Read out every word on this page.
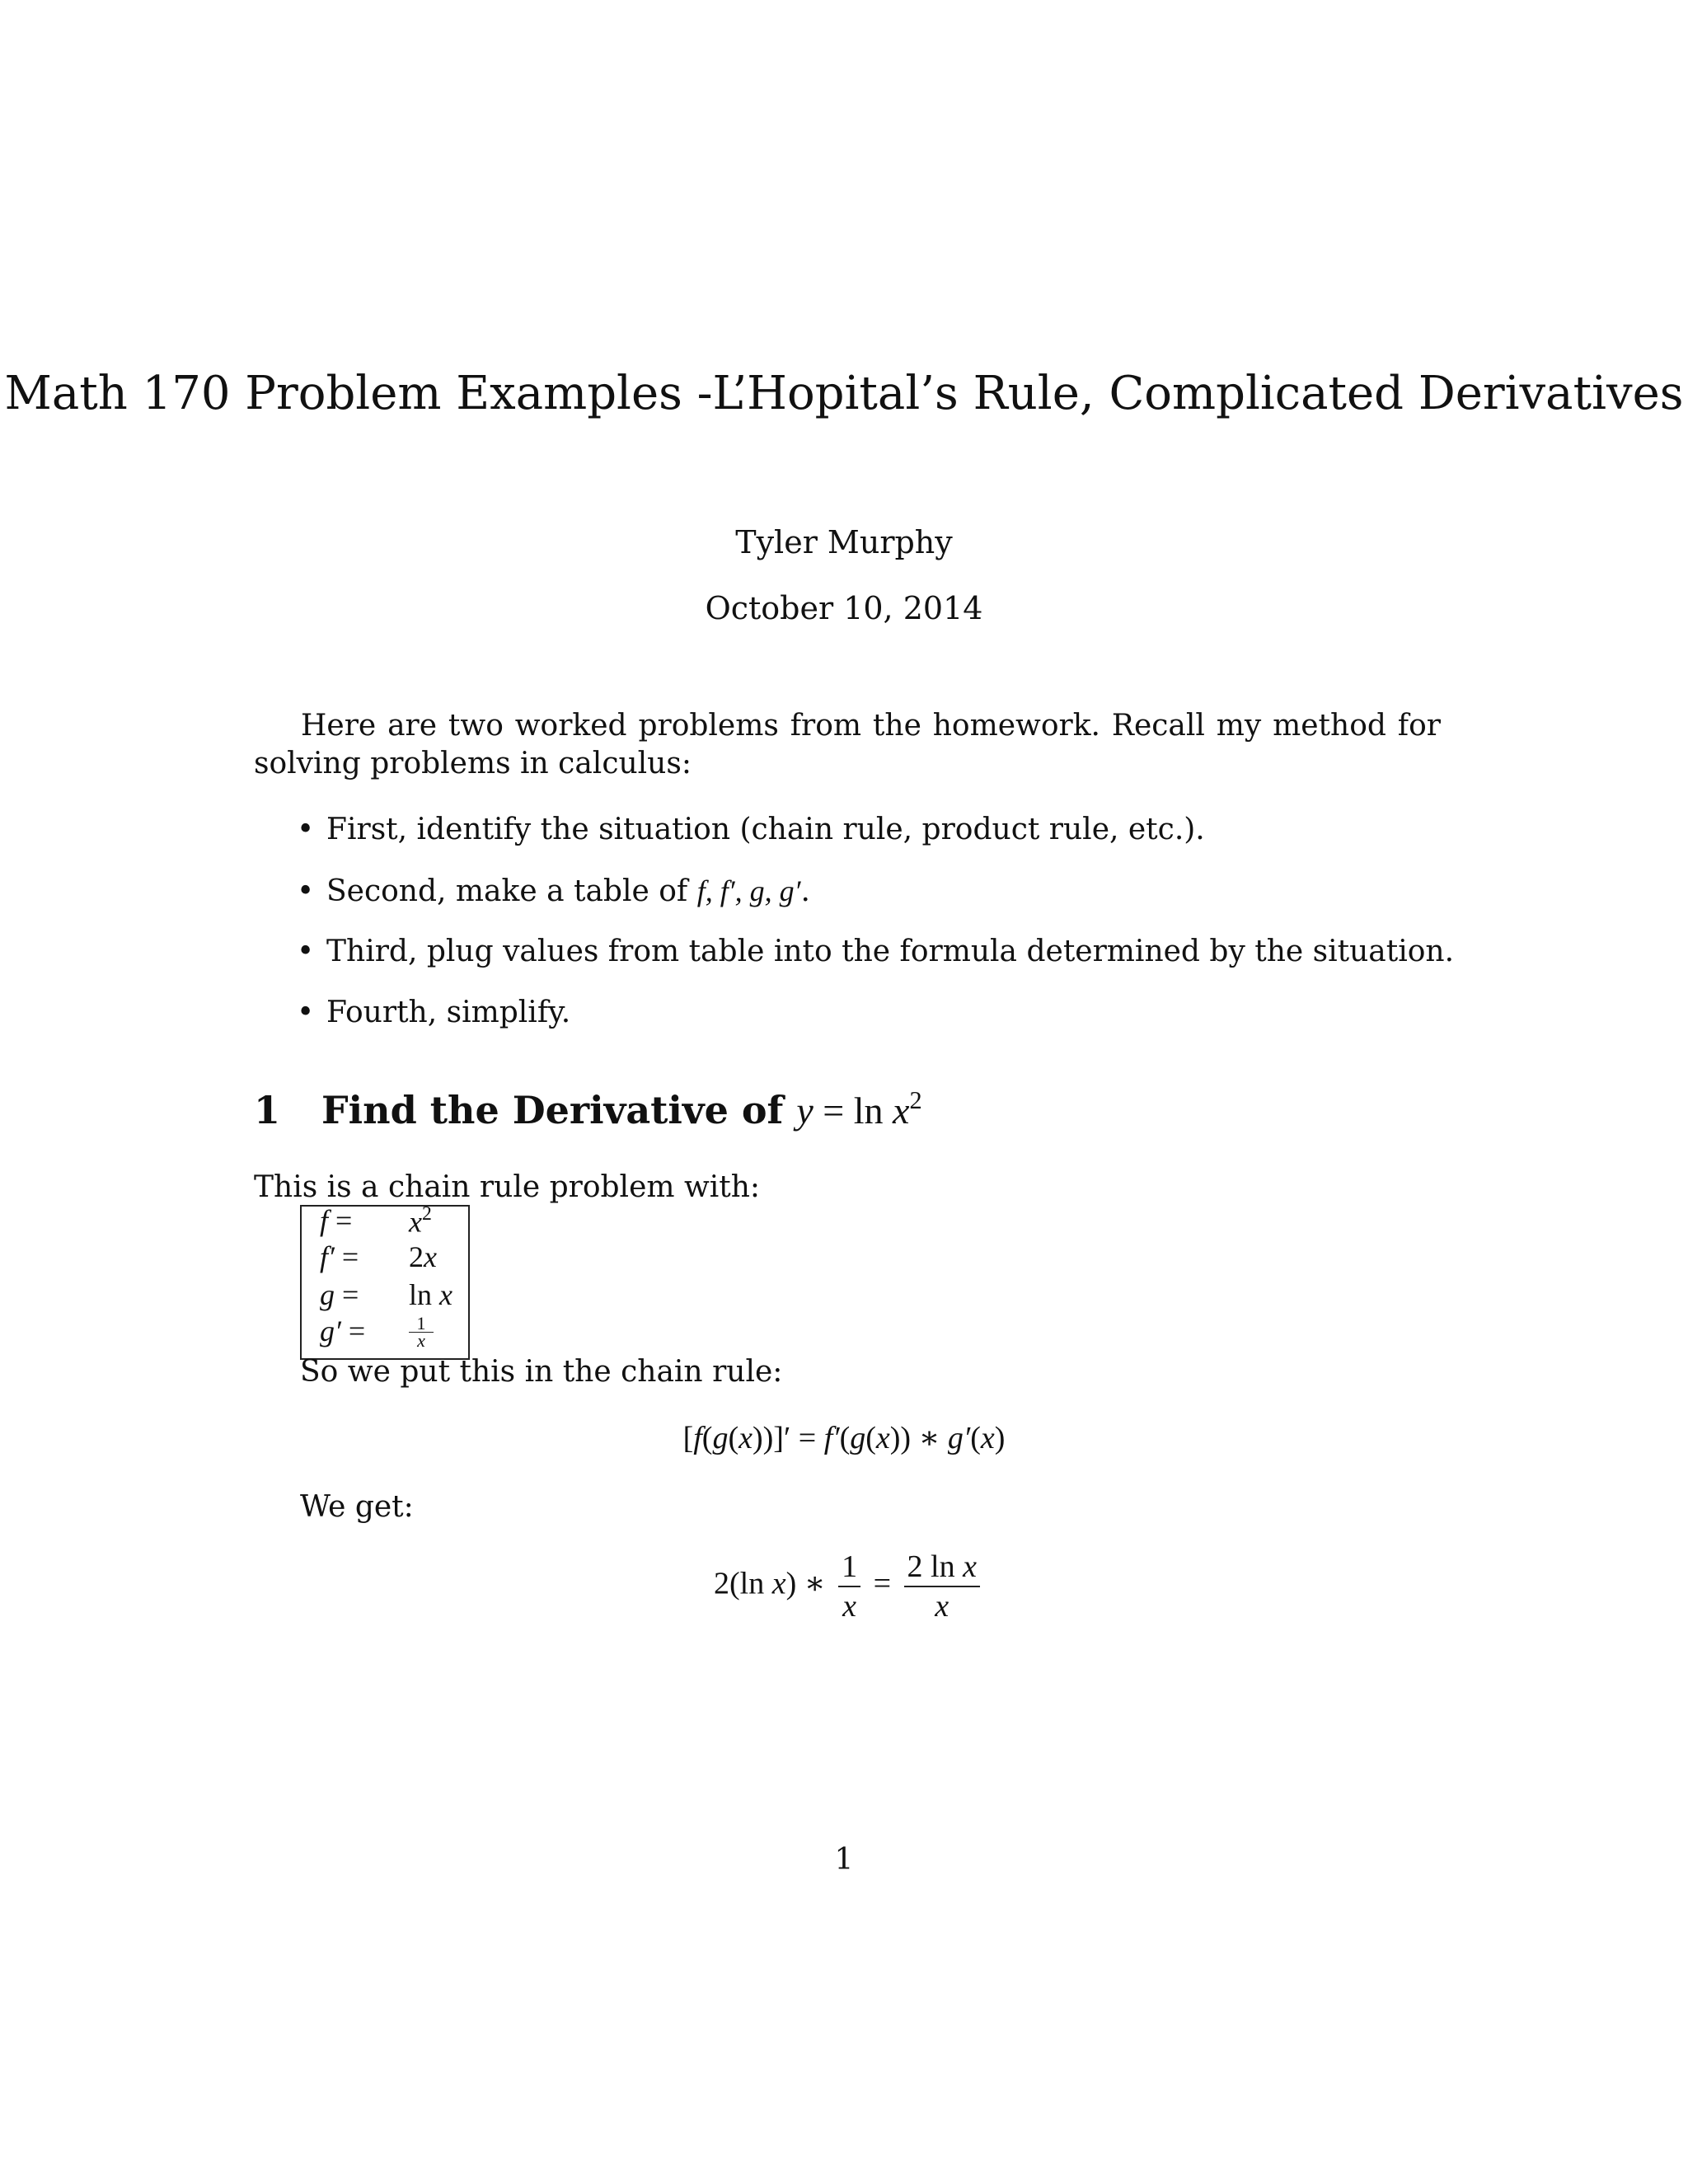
Math 170 Problem Examples -L’Hopital’s Rule, Complicated Derivatives
Tyler Murphy
October 10, 2014
Here are two worked problems from the homework. Recall my method for solving problems in calculus:
• First, identify the situation (chain rule, product rule, etc.).
• Second, make a table of f, f′, g, g′.
• Third, plug values from table into the formula determined by the situation.
• Fourth, simplify.
1 Find the Derivative of $y = \ln x^2$
This is a chain rule problem with:
$f = x^2$
f′ = 2x
g = ln x
g′ =	1
x
So we put this in the chain rule:
[f(g(x))]′ = f′(g(x)) ∗ g′(x)
We get:
2(ln x) ∗ $\frac{1}{x} = \frac{\text{2 ln x}}{x}$
1
